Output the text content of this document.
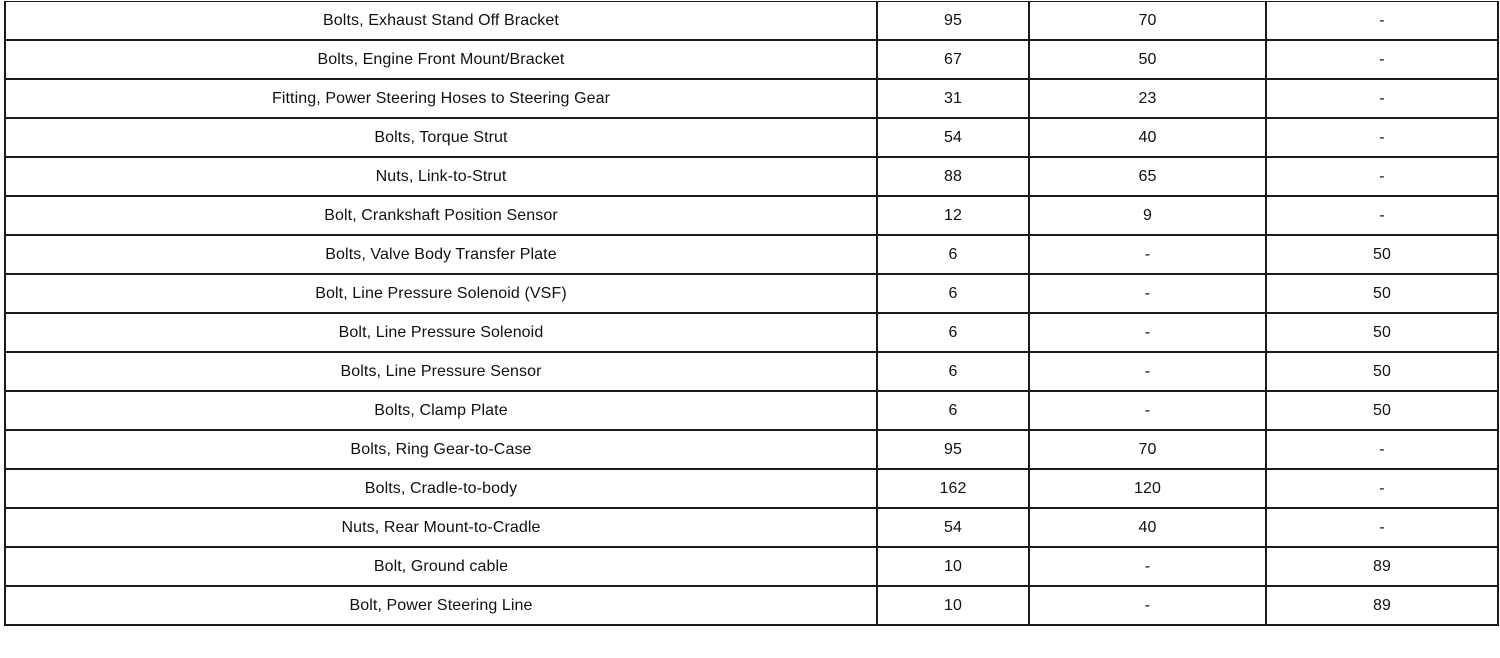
Bolts, Exhaust Stand Off Bracket	95	70	-
Bolts, Engine Front Mount/Bracket	67	50	-
Fitting, Power Steering Hoses to Steering Gear	31	23	-
Bolts, Torque Strut	54	40	-
Nuts, Link-to-Strut	88	65	-
Bolt, Crankshaft Position Sensor	12	9	-
Bolts, Valve Body Transfer Plate	6	-	50
Bolt, Line Pressure Solenoid (VSF)	6	-	50
Bolt, Line Pressure Solenoid	6	-	50
Bolts, Line Pressure Sensor	6	-	50
Bolts, Clamp Plate	6	-	50
Bolts, Ring Gear-to-Case	95	70	-
Bolts, Cradle-to-body	162	120	-
Nuts, Rear Mount-to-Cradle	54	40	-
Bolt, Ground cable	10	-	89
Bolt, Power Steering Line	10	-	89
